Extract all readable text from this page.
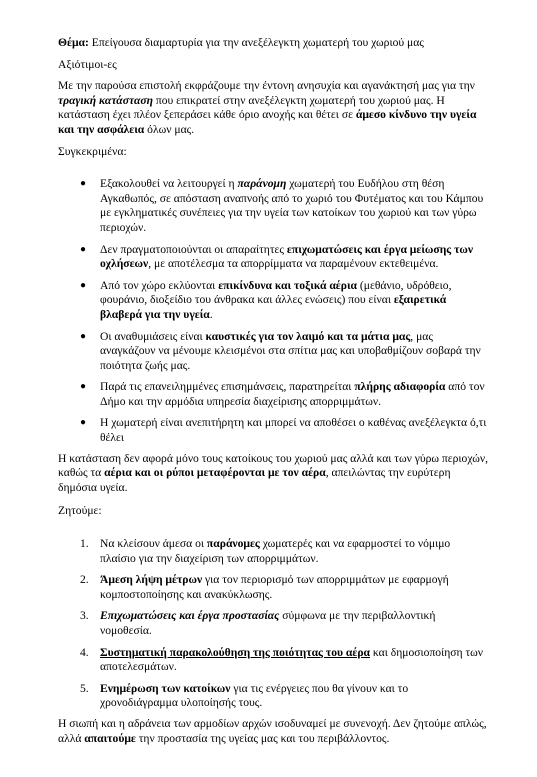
Θέμα: Επείγουσα διαμαρτυρία για την ανεξέλεγκτη χωματερή του χωριού μας

Αξιότιμοι-ες

Με την παρούσα επιστολή εκφράζουμε την έντονη ανησυχία και αγανάκτησή μας για την τραγική κατάσταση που επικρατεί στην ανεξέλεγκτη χωματερή του χωριού μας. Η κατάσταση έχει πλέον ξεπεράσει κάθε όριο ανοχής και θέτει σε άμεσο κίνδυνο την υγεία και την ασφάλεια όλων μας.

Συγκεκριμένα:

● Εξακολουθεί να λειτουργεί η παράνομη χωματερή του Ευδήλου στη θέση Αγκαθωπός, σε απόσταση αναπνοής από το χωριό του Φυτέματος και του Κάμπου με εγκληματικές συνέπειες για την υγεία των κατοίκων του χωριού και των γύρω περιοχών.
● Δεν πραγματοποιούνται οι απαραίτητες επιχωματώσεις και έργα μείωσης των οχλήσεων, με αποτέλεσμα τα απορρίμματα να παραμένουν εκτεθειμένα.
● Από τον χώρο εκλύονται επικίνδυνα και τοξικά αέρια (μεθάνιο, υδρόθειο, φουράνιο, διοξείδιο του άνθρακα και άλλες ενώσεις) που είναι εξαιρετικά βλαβερά για την υγεία.
● Οι αναθυμιάσεις είναι καυστικές για τον λαιμό και τα μάτια μας, μας αναγκάζουν να μένουμε κλεισμένοι στα σπίτια μας και υποβαθμίζουν σοβαρά την ποιότητα ζωής μας.
● Παρά τις επανειλημμένες επισημάνσεις, παρατηρείται πλήρης αδιαφορία από τον Δήμο και την αρμόδια υπηρεσία διαχείρισης απορριμμάτων.
● Η χωματερή είναι ανεπιτήρητη και μπορεί να αποθέσει ο καθένας ανεξέλεγκτα ό,τι θέλει

Η κατάσταση δεν αφορά μόνο τους κατοίκους του χωριού μας αλλά και των γύρω περιοχών, καθώς τα αέρια και οι ρύποι μεταφέρονται με τον αέρα, απειλώντας την ευρύτερη δημόσια υγεία.

Ζητούμε:

1. Να κλείσουν άμεσα οι παράνομες χωματερές και να εφαρμοστεί το νόμιμο πλαίσιο για την διαχείριση των απορριμμάτων.
2. Άμεση λήψη μέτρων για τον περιορισμό των απορριμμάτων με εφαρμογή κομποστοποίησης και ανακύκλωσης.
3. Επιχωματώσεις και έργα προστασίας σύμφωνα με την περιβαλλοντική νομοθεσία.
4. Συστηματική παρακολούθηση της ποιότητας του αέρα και δημοσιοποίηση των αποτελεσμάτων.
5. Ενημέρωση των κατοίκων για τις ενέργειες που θα γίνουν και το χρονοδιάγραμμα υλοποίησής τους.

Η σιωπή και η αδράνεια των αρμοδίων αρχών ισοδυναμεί με συνενοχή. Δεν ζητούμε απλώς, αλλά απαιτούμε την προστασία της υγείας μας και του περιβάλλοντος.
